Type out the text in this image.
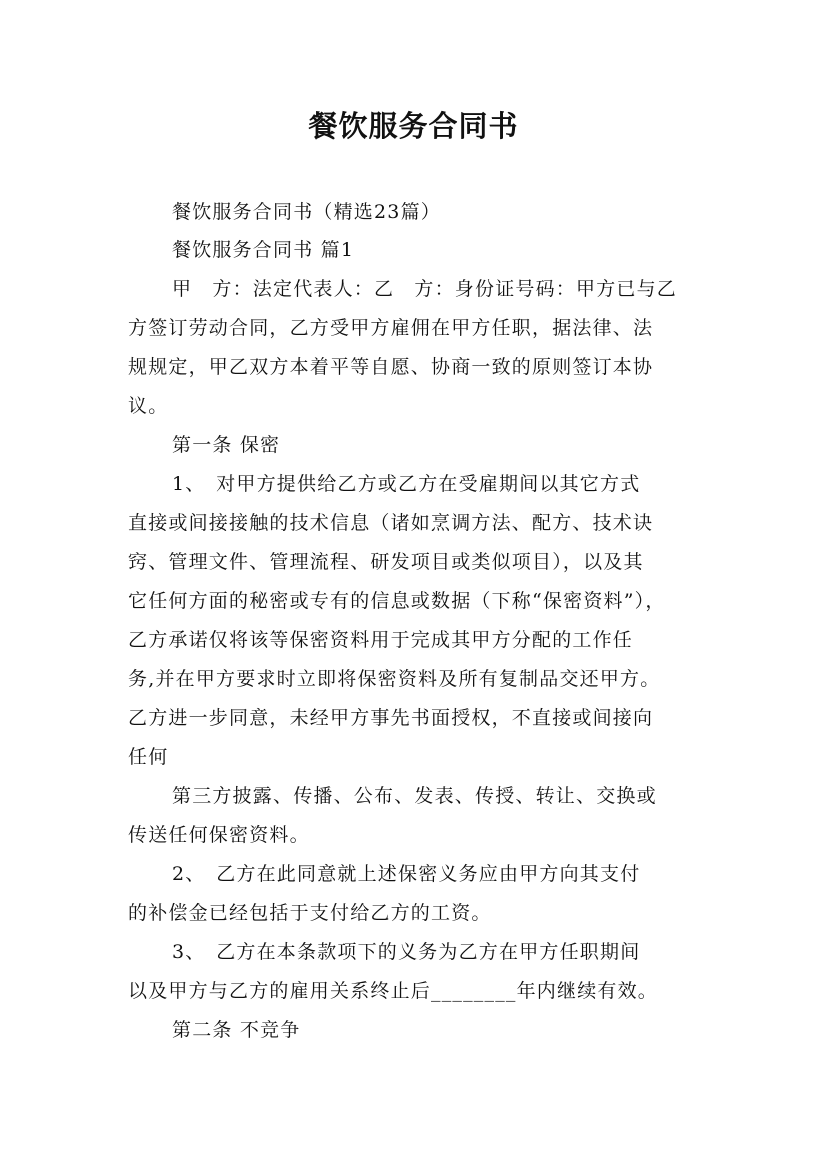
餐饮服务合同书
餐饮服务合同书（精选23篇）
餐饮服务合同书 篇1
甲　方：法定代表人：乙　方：身份证号码：甲方已与乙
方签订劳动合同，乙方受甲方雇佣在甲方任职，据法律、法
规规定，甲乙双方本着平等自愿、协商一致的原则签订本协
议。
第一条 保密
1、　对甲方提供给乙方或乙方在受雇期间以其它方式
直接或间接接触的技术信息（诸如烹调方法、配方、技术诀
窍、管理文件、管理流程、研发项目或类似项目），以及其
它任何方面的秘密或专有的信息或数据（下称“保密资料”），
乙方承诺仅将该等保密资料用于完成其甲方分配的工作任
务,并在甲方要求时立即将保密资料及所有复制品交还甲方。
乙方进一步同意，未经甲方事先书面授权，不直接或间接向
任何
第三方披露、传播、公布、发表、传授、转让、交换或
传送任何保密资料。
2、　乙方在此同意就上述保密义务应由甲方向其支付
的补偿金已经包括于支付给乙方的工资。
3、　乙方在本条款项下的义务为乙方在甲方任职期间
以及甲方与乙方的雇用关系终止后________年内继续有效。
第二条 不竞争
